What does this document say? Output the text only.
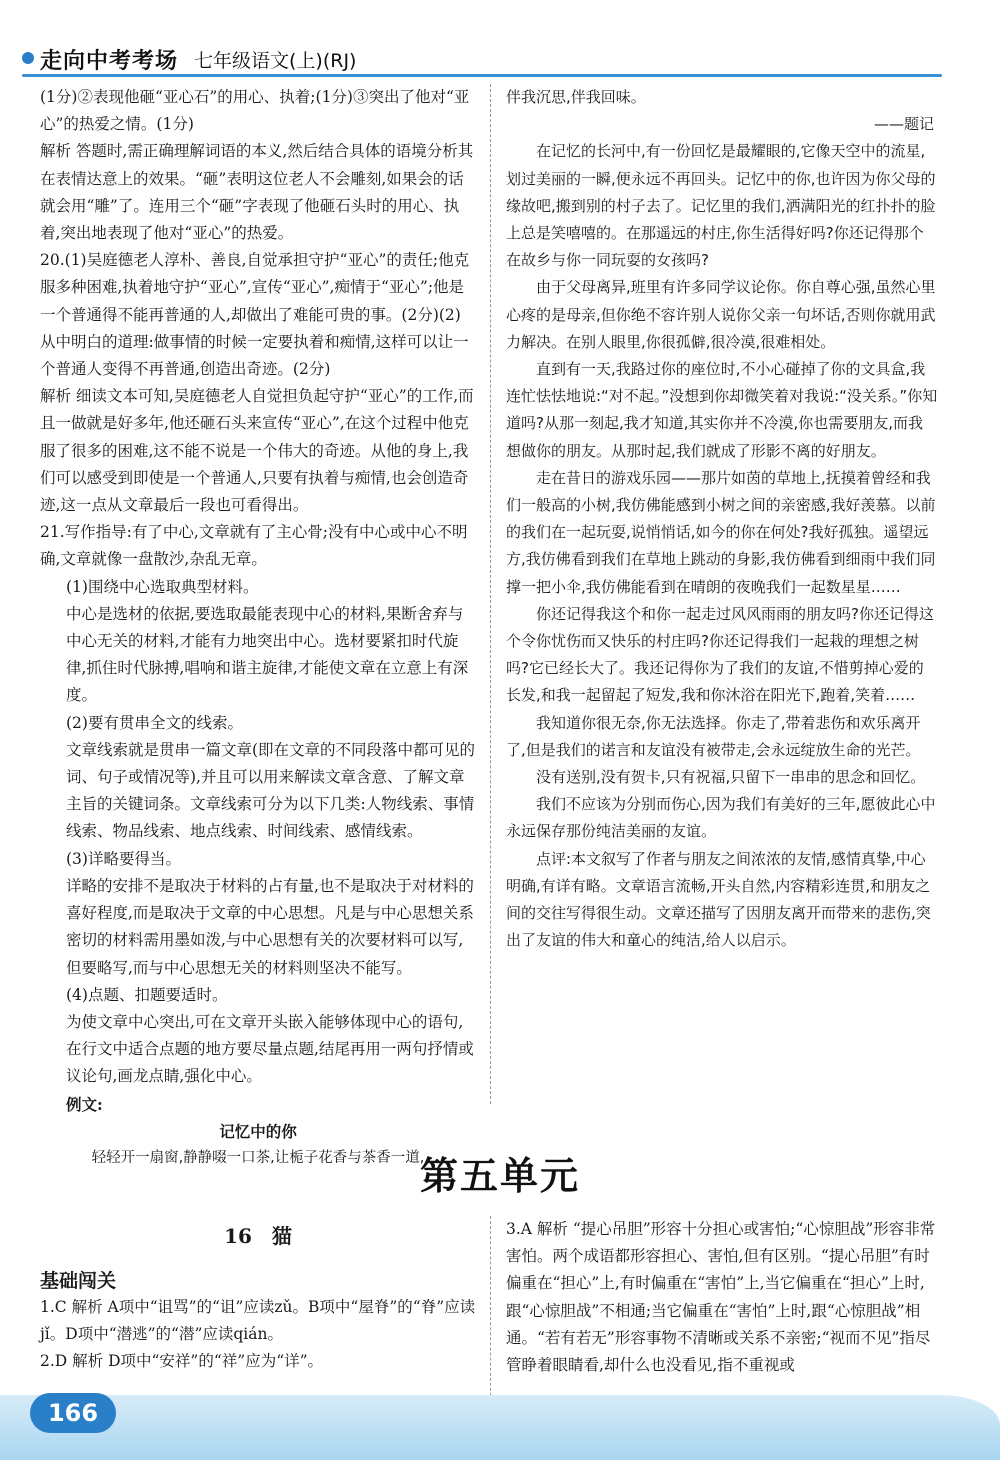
走向中考考场 七年级语文(上)(RJ)

(1分)②表现他砸“亚心石”的用心、执着;(1分)③突出了他对“亚心”的热爱之情。(1分)

解析 答题时,需正确理解词语的本义,然后结合具体的语境分析其在表情达意上的效果。“砸”表明这位老人不会雕刻,如果会的话就会用“雕”了。连用三个“砸”字表现了他砸石头时的用心、执着,突出地表现了他对“亚心”的热爱。

20.(1)吴庭德老人淳朴、善良,自觉承担守护“亚心”的责任;他克服多种困难,执着地守护“亚心”,宣传“亚心”,痴情于“亚心”;他是一个普通得不能再普通的人,却做出了难能可贵的事。(2分)(2)从中明白的道理:做事情的时候一定要执着和痴情,这样可以让一个普通人变得不再普通,创造出奇迹。(2分)

解析 细读文本可知,吴庭德老人自觉担负起守护“亚心”的工作,而且一做就是好多年,他还砸石头来宣传“亚心”,在这个过程中他克服了很多的困难,这不能不说是一个伟大的奇迹。从他的身上,我们可以感受到即使是一个普通人,只要有执着与痴情,也会创造奇迹,这一点从文章最后一段也可看得出。

21.写作指导:有了中心,文章就有了主心骨;没有中心或中心不明确,文章就像一盘散沙,杂乱无章。

(1)围绕中心选取典型材料。

中心是选材的依据,要选取最能表现中心的材料,果断舍弃与中心无关的材料,才能有力地突出中心。选材要紧扣时代旋律,抓住时代脉搏,唱响和谐主旋律,才能使文章在立意上有深度。

(2)要有贯串全文的线索。

文章线索就是贯串一篇文章(即在文章的不同段落中都可见的词、句子或情况等),并且可以用来解读文章含意、了解文章主旨的关键词条。文章线索可分为以下几类:人物线索、事情线索、物品线索、地点线索、时间线索、感情线索。

(3)详略要得当。

详略的安排不是取决于材料的占有量,也不是取决于对材料的喜好程度,而是取决于文章的中心思想。凡是与中心思想关系密切的材料需用墨如泼,与中心思想有关的次要材料可以写,但要略写,而与中心思想无关的材料则坚决不能写。

(4)点题、扣题要适时。

为使文章中心突出,可在文章开头嵌入能够体现中心的语句,在行文中适合点题的地方要尽量点题,结尾再用一两句抒情或议论句,画龙点睛,强化中心。

例文:

记忆中的你

轻轻开一扇窗,静静啜一口茶,让栀子花香与茶香一道,

伴我沉思,伴我回味。

——题记

在记忆的长河中,有一份回忆是最耀眼的,它像天空中的流星,划过美丽的一瞬,便永远不再回头。记忆中的你,也许因为你父母的缘故吧,搬到别的村子去了。记忆里的我们,洒满阳光的红扑扑的脸上总是笑嘻嘻的。在那遥远的村庄,你生活得好吗?你还记得那个在故乡与你一同玩耍的女孩吗?

由于父母离异,班里有许多同学议论你。你自尊心强,虽然心里心疼的是母亲,但你绝不容许别人说你父亲一句坏话,否则你就用武力解决。在别人眼里,你很孤僻,很冷漠,很难相处。

直到有一天,我路过你的座位时,不小心碰掉了你的文具盒,我连忙怯怯地说:“对不起。”没想到你却微笑着对我说:“没关系。”你知道吗?从那一刻起,我才知道,其实你并不冷漠,你也需要朋友,而我想做你的朋友。从那时起,我们就成了形影不离的好朋友。

走在昔日的游戏乐园——那片如茵的草地上,抚摸着曾经和我们一般高的小树,我仿佛能感到小树之间的亲密感,我好羡慕。以前的我们在一起玩耍,说悄悄话,如今的你在何处?我好孤独。遥望远方,我仿佛看到我们在草地上跳动的身影,我仿佛看到细雨中我们同撑一把小伞,我仿佛能看到在晴朗的夜晚我们一起数星星……

你还记得我这个和你一起走过风风雨雨的朋友吗?你还记得这个令你忧伤而又快乐的村庄吗?你还记得我们一起栽的理想之树吗?它已经长大了。我还记得你为了我们的友谊,不惜剪掉心爱的长发,和我一起留起了短发,我和你沐浴在阳光下,跑着,笑着……

我知道你很无奈,你无法选择。你走了,带着悲伤和欢乐离开了,但是我们的诺言和友谊没有被带走,会永远绽放生命的光芒。

没有送别,没有贺卡,只有祝福,只留下一串串的思念和回忆。

我们不应该为分别而伤心,因为我们有美好的三年,愿彼此心中永远保存那份纯洁美丽的友谊。

点评:本文叙写了作者与朋友之间浓浓的友情,感情真挚,中心明确,有详有略。文章语言流畅,开头自然,内容精彩连贯,和朋友之间的交往写得很生动。文章还描写了因朋友离开而带来的悲伤,突出了友谊的伟大和童心的纯洁,给人以启示。

第五单元
16　猫
基础闯关

1.C 解析 A项中“诅骂”的“诅”应读zǔ。B项中“屋脊”的“脊”应读jǐ。D项中“潜逃”的“潜”应读qián。

2.D 解析 D项中“安祥”的“祥”应为“详”。

3.A 解析 “提心吊胆”形容十分担心或害怕;“心惊胆战”形容非常害怕。两个成语都形容担心、害怕,但有区别。“提心吊胆”有时偏重在“担心”上,有时偏重在“害怕”上,当它偏重在“担心”上时,跟“心惊胆战”不相通;当它偏重在“害怕”上时,跟“心惊胆战”相通。“若有若无”形容事物不清晰或关系不亲密;“视而不见”指尽管睁着眼睛看,却什么也没看见,指不重视或

166
